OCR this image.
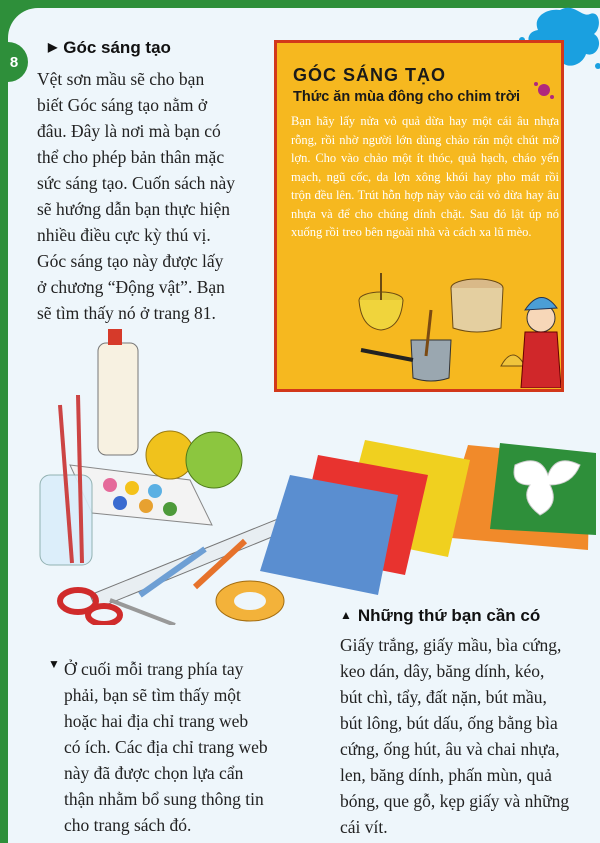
8
▶ Góc sáng tạo
Vệt sơn mầu sẽ cho bạn
biết Góc sáng tạo nằm ở
đâu. Đây là nơi mà bạn có
thể cho phép bản thân mặc
sức sáng tạo. Cuốn sách này
sẽ hướng dẫn bạn thực hiện
nhiều điều cực kỳ thú vị.
Góc sáng tạo này được lấy
ở chương “Động vật”. Bạn
sẽ tìm thấy nó ở trang 81.
GÓC SÁNG TẠO
Thức ăn mùa đông cho chim trời
Bạn hãy lấy nửa vỏ quả dừa hay một cái âu nhựa rỗng, rồi nhờ người lớn dùng chảo rán một chút mỡ lợn. Cho vào chảo một ít thóc, quả hạch, cháo yến mạch, ngũ cốc, da lợn xông khói hay pho mát rồi trộn đều lên. Trút hỗn hợp này vào cái vỏ dừa hay âu nhựa và để cho chúng dính chặt. Sau đó lật úp nó xuống rồi treo bên ngoài nhà và cách xa lũ mèo.
▼ Ở cuối mỗi trang phía tay
phải, bạn sẽ tìm thấy một
hoặc hai địa chỉ trang web
có ích. Các địa chỉ trang web
này đã được chọn lựa cẩn
thận nhằm bổ sung thông tin
cho trang sách đó.
▲ Những thứ bạn cần có
Giấy trắng, giấy mầu, bìa cứng,
keo dán, dây, băng dính, kéo,
bút chì, tẩy, đất nặn, bút mầu,
bút lông, bút dấu, ống bằng bìa
cứng, ống hút, âu và chai nhựa,
len, băng dính, phấn mùn, quả
bóng, que gỗ, kẹp giấy và những
cái vít.
